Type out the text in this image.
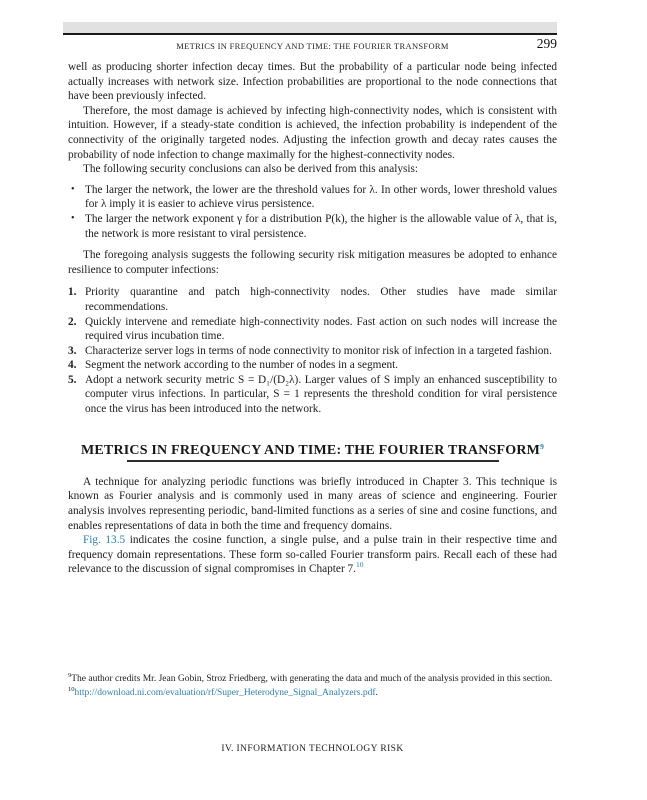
METRICS IN FREQUENCY AND TIME: THE FOURIER TRANSFORM	299

well as producing shorter infection decay times. But the probability of a particular node being infected actually increases with network size. Infection probabilities are proportional to the node connections that have been previously infected.

Therefore, the most damage is achieved by infecting high-connectivity nodes, which is consistent with intuition. However, if a steady-state condition is achieved, the infection probability is independent of the connectivity of the originally targeted nodes. Adjusting the infection growth and decay rates causes the probability of node infection to change maximally for the highest-connectivity nodes.

The following security conclusions can also be derived from this analysis:

• The larger the network, the lower are the threshold values for λ. In other words, lower threshold values for λ imply it is easier to achieve virus persistence.
• The larger the network exponent γ for a distribution P(k), the higher is the allowable value of λ, that is, the network is more resistant to viral persistence.

The foregoing analysis suggests the following security risk mitigation measures be adopted to enhance resilience to computer infections:

1. Priority quarantine and patch high-connectivity nodes. Other studies have made similar recommendations.
2. Quickly intervene and remediate high-connectivity nodes. Fast action on such nodes will increase the required virus incubation time.
3. Characterize server logs in terms of node connectivity to monitor risk of infection in a targeted fashion.
4. Segment the network according to the number of nodes in a segment.
5. Adopt a network security metric S = D₁/(D₂λ). Larger values of S imply an enhanced susceptibility to computer virus infections. In particular, S = 1 represents the threshold condition for viral persistence once the virus has been introduced into the network.
METRICS IN FREQUENCY AND TIME: THE FOURIER TRANSFORM$^9$

A technique for analyzing periodic functions was briefly introduced in Chapter 3. This technique is known as Fourier analysis and is commonly used in many areas of science and engineering. Fourier analysis involves representing periodic, band-limited functions as a series of sine and cosine functions, and enables representations of data in both the time and frequency domains.

Fig. 13.5 indicates the cosine function, a single pulse, and a pulse train in their respective time and frequency domain representations. These form so-called Fourier transform pairs. Recall each of these had relevance to the discussion of signal compromises in Chapter 7.10

$^9$The author credits Mr. Jean Gobin, Stroz Friedberg, with generating the data and much of the analysis provided in this section.

$^{10}$http://download.ni.com/evaluation/rf/Super_Heterodyne_Signal_Analyzers.pdf.

IV. INFORMATION TECHNOLOGY RISK
